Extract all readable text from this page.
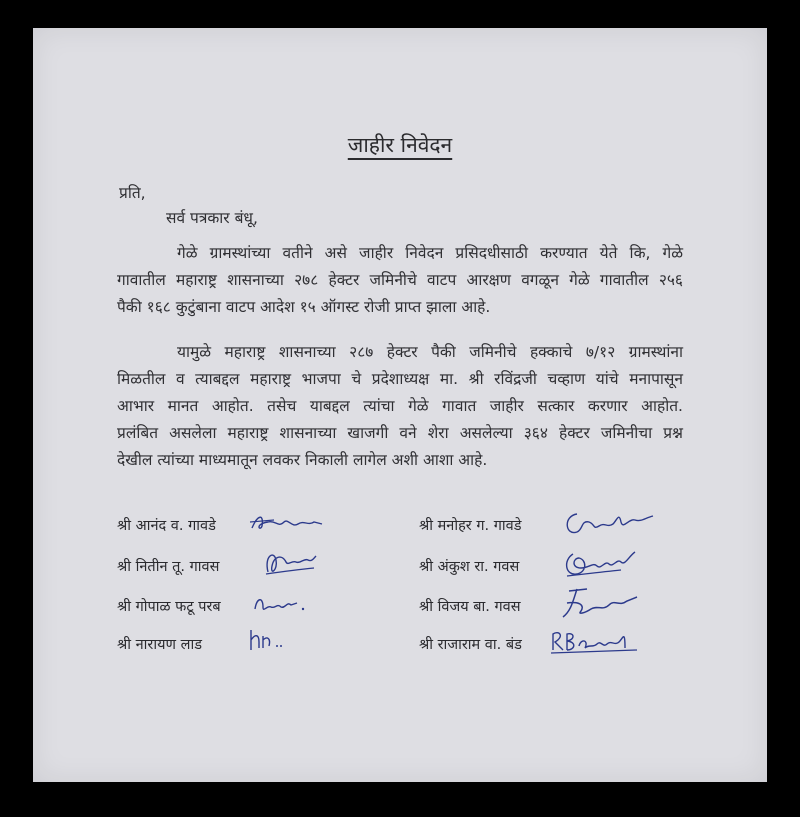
जाहीर निवेदन
प्रति,
सर्व पत्रकार बंधू,
गेळे ग्रामस्थांच्या वतीने असे जाहीर निवेदन प्रसिदधीसाठी करण्यात येते कि, गेळे
गावातील महाराष्ट्र शासनाच्या २७८ हेक्टर जमिनीचे वाटप आरक्षण वगळून गेळे गावातील २५६
पैकी १६८ कुटुंबाना वाटप आदेश १५ ऑगस्ट रोजी प्राप्त झाला आहे.
यामुळे महाराष्ट्र शासनाच्या २८७ हेक्टर पैकी जमिनीचे हक्काचे ७/१२ ग्रामस्थांना
मिळतील व त्याबद्दल महाराष्ट्र भाजपा चे प्रदेशाध्यक्ष मा. श्री रविंद्रजी चव्हाण यांचे मनापासून
आभार मानत आहोत. तसेच याबद्दल त्यांचा गेळे गावात जाहीर सत्कार करणार आहोत.
प्रलंबित असलेला महाराष्ट्र शासनाच्या खाजगी वने शेरा असलेल्या ३६४ हेक्टर जमिनीचा प्रश्न
देखील त्यांच्या माध्यमातून लवकर निकाली लागेल अशी आशा आहे.
श्री आनंद व. गावडे
श्री नितीन तू. गावस
श्री गोपाळ फटू परब
श्री नारायण लाड
श्री मनोहर ग. गावडे
श्री अंकुश रा. गवस
श्री विजय बा. गवस
श्री राजाराम वा. बंड
